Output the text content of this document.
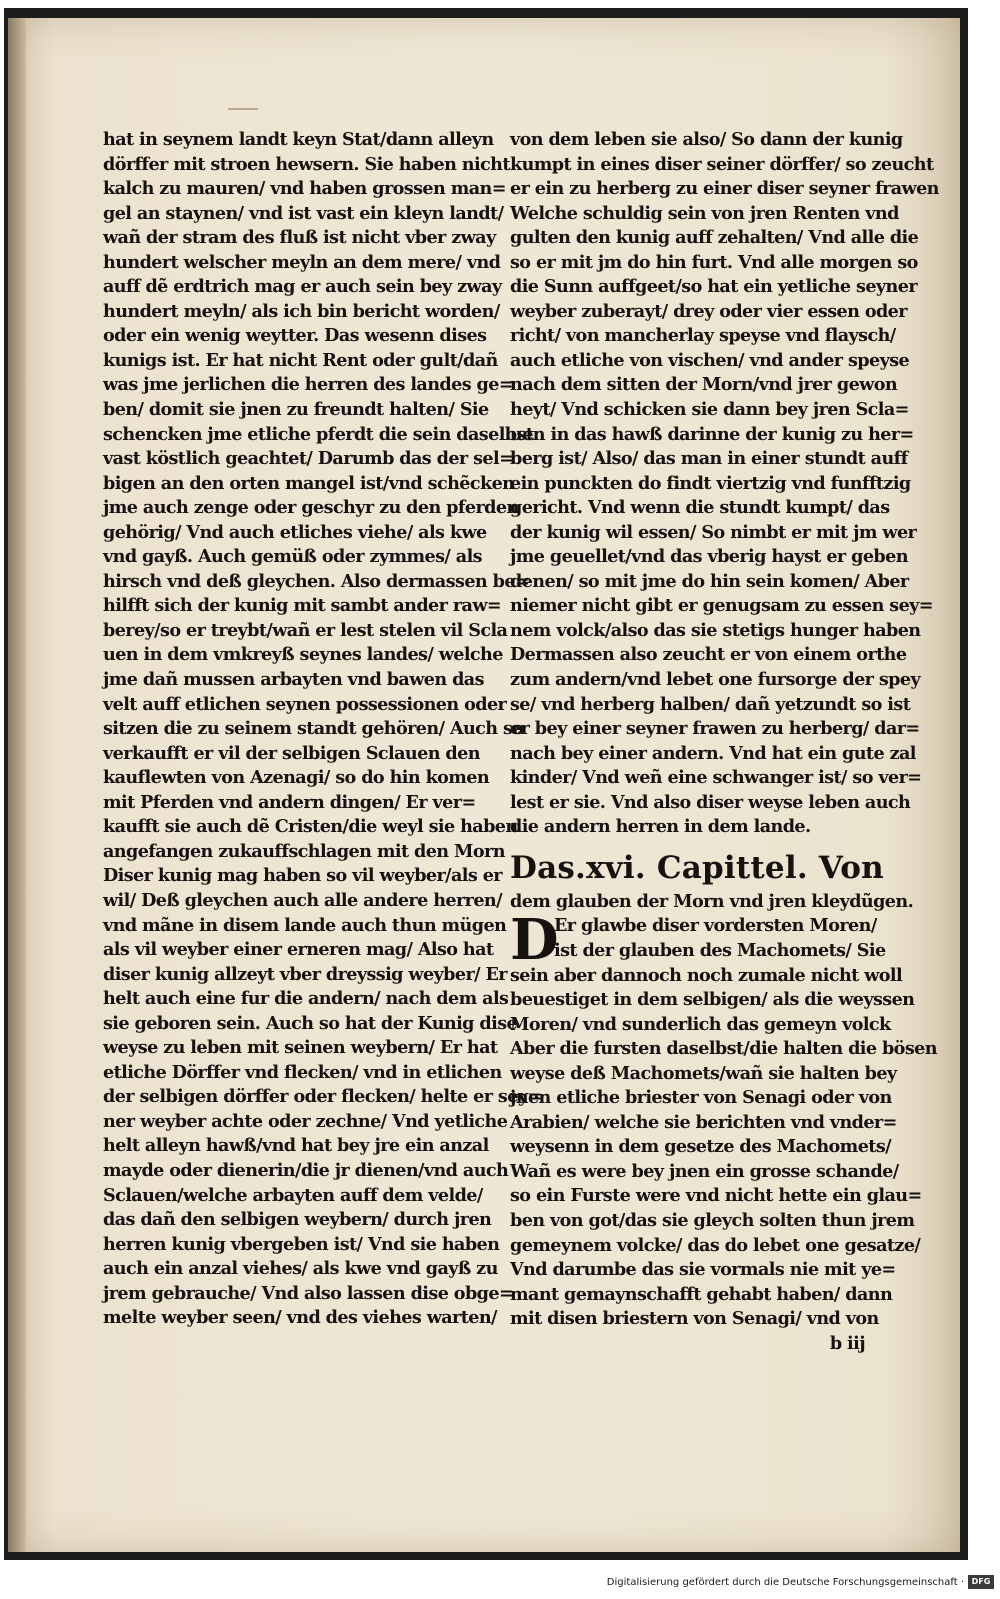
hat in seynem landt keyn Stat/dann alleyn
dörffer mit stroen hewsern. Sie haben nicht
kalch zu mauren/ vnd haben grossen man=
gel an staynen/ vnd ist vast ein kleyn landt/
wañ der stram des fluß ist nicht vber zway
hundert welscher meyln an dem mere/ vnd
auff dẽ erdtrich mag er auch sein bey zway
hundert meyln/ als ich bin bericht worden/
oder ein wenig weytter. Das wesenn dises
kunigs ist. Er hat nicht Rent oder gult/dañ
was jme jerlichen die herren des landes ge=
ben/ domit sie jnen zu freundt halten/ Sie
schencken jme etliche pferdt die sein daselbst
vast köstlich geachtet/ Darumb das der sel=
bigen an den orten mangel ist/vnd schẽcken
jme auch zenge oder geschyr zu den pferden
gehörig/ Vnd auch etliches viehe/ als kwe
vnd gayß. Auch gemüß oder zymmes/ als
hirsch vnd deß gleychen. Also dermassen be=
hilfft sich der kunig mit sambt ander raw=
berey/so er treybt/wañ er lest stelen vil Scla
uen in dem vmkreyß seynes landes/ welche
jme dañ mussen arbayten vnd bawen das
velt auff etlichen seynen possessionen oder
sitzen die zu seinem standt gehören/ Auch so
verkaufft er vil der selbigen Sclauen den
kauflewten von Azenagi/ so do hin komen
mit Pferden vnd andern dingen/ Er ver=
kaufft sie auch dẽ Cristen/die weyl sie haben
angefangen zukauffschlagen mit den Morn
Diser kunig mag haben so vil weyber/als er
wil/ Deß gleychen auch alle andere herren/
vnd mãne in disem lande auch thun mügen
als vil weyber einer erneren mag/ Also hat
diser kunig allzeyt vber dreyssig weyber/ Er
helt auch eine fur die andern/ nach dem als
sie geboren sein. Auch so hat der Kunig dise
weyse zu leben mit seinen weybern/ Er hat
etliche Dörffer vnd flecken/ vnd in etlichen
der selbigen dörffer oder flecken/ helte er sey=
ner weyber achte oder zechne/ Vnd yetliche
helt alleyn hawß/vnd hat bey jre ein anzal
mayde oder dienerin/die jr dienen/vnd auch
Sclauen/welche arbayten auff dem velde/
das dañ den selbigen weybern/ durch jren
herren kunig vbergeben ist/ Vnd sie haben
auch ein anzal viehes/ als kwe vnd gayß zu
jrem gebrauche/ Vnd also lassen dise obge=
melte weyber seen/ vnd des viehes warten/
von dem leben sie also/ So dann der kunig
kumpt in eines diser seiner dörffer/ so zeucht
er ein zu herberg zu einer diser seyner frawen
Welche schuldig sein von jren Renten vnd
gulten den kunig auff zehalten/ Vnd alle die
so er mit jm do hin furt. Vnd alle morgen so
die Sunn auffgeet/so hat ein yetliche seyner
weyber zuberayt/ drey oder vier essen oder
richt/ von mancherlay speyse vnd flaysch/
auch etliche von vischen/ vnd ander speyse
nach dem sitten der Morn/vnd jrer gewon
heyt/ Vnd schicken sie dann bey jren Scla=
uen in das hawß darinne der kunig zu her=
berg ist/ Also/ das man in einer stundt auff
ein punckten do findt viertzig vnd funfftzig
gericht. Vnd wenn die stundt kumpt/ das
der kunig wil essen/ So nimbt er mit jm wer
jme geuellet/vnd das vberig hayst er geben
denen/ so mit jme do hin sein komen/ Aber
niemer nicht gibt er genugsam zu essen sey=
nem volck/also das sie stetigs hunger haben
Dermassen also zeucht er von einem orthe
zum andern/vnd lebet one fursorge der spey
se/ vnd herberg halben/ dañ yetzundt so ist
er bey einer seyner frawen zu herberg/ dar=
nach bey einer andern. Vnd hat ein gute zal
kinder/ Vnd weñ eine schwanger ist/ so ver=
lest er sie. Vnd also diser weyse leben auch
die andern herren in dem lande.
Das.xvi. Capittel. Von
dem glauben der Morn vnd jren kleydũgen.
D
Er glawbe diser vordersten Moren/
ist der glauben des Machomets/ Sie
sein aber dannoch noch zumale nicht woll
beuestiget in dem selbigen/ als die weyssen
Moren/ vnd sunderlich das gemeyn volck
Aber die fursten daselbst/die halten die bösen
weyse deß Machomets/wañ sie halten bey
jnen etliche briester von Senagi oder von
Arabien/ welche sie berichten vnd vnder=
weysenn in dem gesetze des Machomets/
Wañ es were bey jnen ein grosse schande/
so ein Furste were vnd nicht hette ein glau=
ben von got/das sie gleych solten thun jrem
gemeynem volcke/ das do lebet one gesatze/
Vnd darumbe das sie vormals nie mit ye=
mant gemaynschafft gehabt haben/ dann
mit disen briestern von Senagi/ vnd von
b iij
Digitalisierung gefördert durch die Deutsche Forschungsgemeinschaft · DFG
